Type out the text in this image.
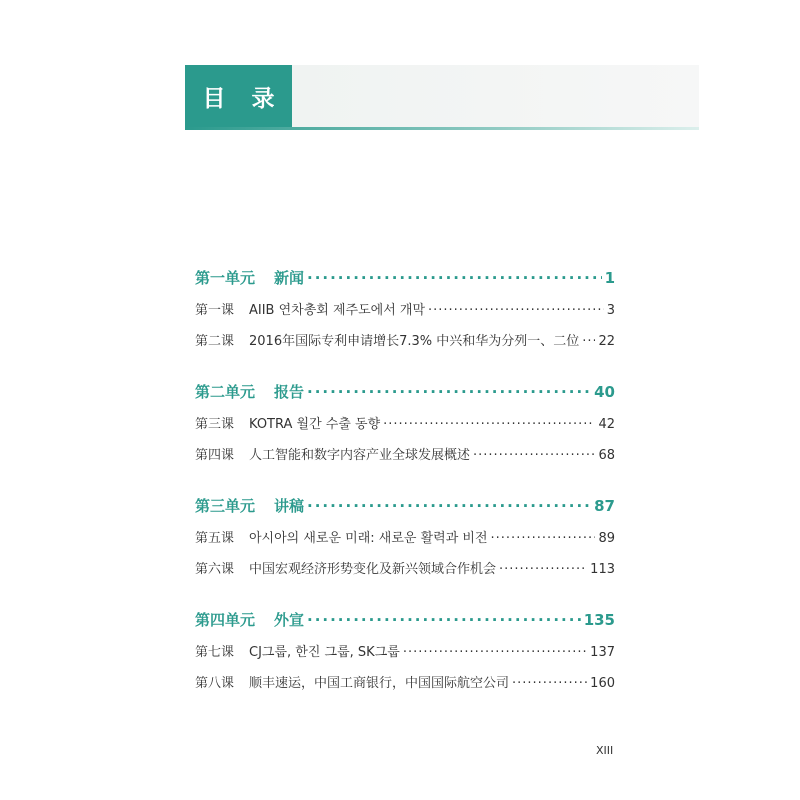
目 录
第一单元 新闻 ·····	1
第一课 AIIB 연차총회 제주도에서 개막 ·····	3
第二课 2016年国际专利申请增长7.3% 中兴和华为分列一、二位 ····· 22
第二单元 报告 ·····	40
第三课 KOTRA 월간 수출 동향 ·····	42
第四课 人工智能和数字内容产业全球发展概述 ·····	68
第三单元 讲稿 ·····	87
第五课 아시아의 새로운 미래: 새로운 활력과 비전 ·····	89
第六课 中国宏观经济形势变化及新兴领域合作机会 ·····	113
第四单元 外宣 ·····	135
第七课 CJ그룹, 한진 그룹, SK그룹 ·····	137
第八课 顺丰速运，中国工商银行，中国国际航空公司 ·····	160
XIII
